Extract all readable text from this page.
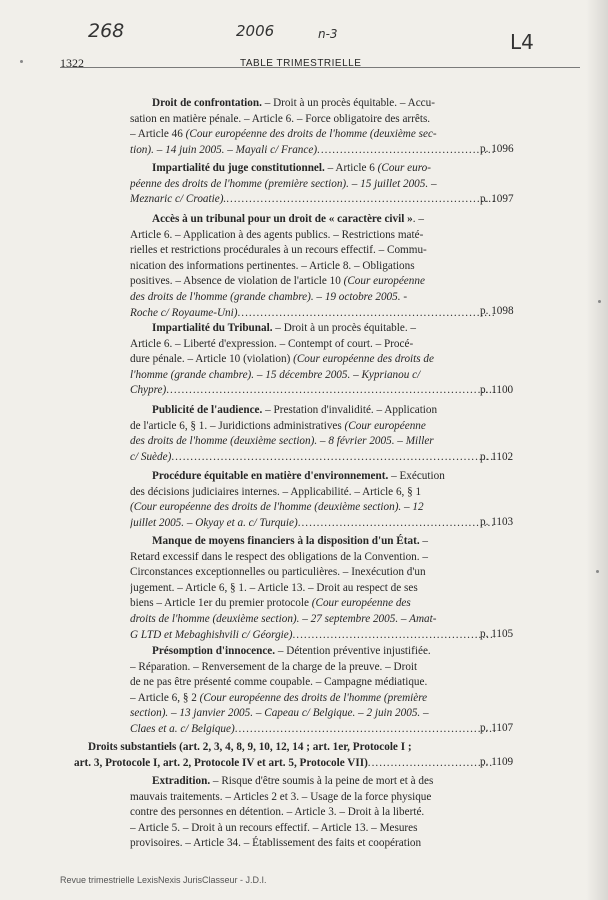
268	2006	n-3	L4
1322	TABLE TRIMESTRIELLE
Droit de confrontation. – Droit à un procès équitable. – Accu-
sation en matière pénale. – Article 6. – Force obligatoire des arrêts.
– Article 46 (Cour européenne des droits de l'homme (deuxième sec-
tion). – 14 juin 2005. – Mayali c/ France) .....	p. 1096
Impartialité du juge constitutionnel. – Article 6 (Cour euro-
péenne des droits de l'homme (première section). – 15 juillet 2005. –
Meznaric c/ Croatie). .....	p. 1097
Accès à un tribunal pour un droit de « caractère civil ». –
Article 6. – Application à des agents publics. – Restrictions maté-
rielles et restrictions procédurales à un recours effectif. – Commu-
nication des informations pertinentes. – Article 8. – Obligations
positives. – Absence de violation de l'article 10 (Cour européenne
des droits de l'homme (grande chambre). – 19 octobre 2005. -
Roche c/ Royaume-Uni) .....	p. 1098
Impartialité du Tribunal. – Droit à un procès équitable. –
Article 6. – Liberté d'expression. – Contempt of court. – Procé-
dure pénale. – Article 10 (violation) (Cour européenne des droits de
l'homme (grande chambre). – 15 décembre 2005. – Kyprianou c/
Chypre) .....	p. 1100
Publicité de l'audience. – Prestation d'invalidité. – Application
de l'article 6, § 1. – Juridictions administratives (Cour européenne
des droits de l'homme (deuxième section). – 8 février 2005. – Miller
c/ Suède) .....	p. 1102
Procédure équitable en matière d'environnement. – Exécution
des décisions judiciaires internes. – Applicabilité. – Article 6, § 1
(Cour européenne des droits de l'homme (deuxième section). – 12
juillet 2005. – Okyay et a. c/ Turquie) .....	p. 1103
Manque de moyens financiers à la disposition d'un État. –
Retard excessif dans le respect des obligations de la Convention. –
Circonstances exceptionnelles ou particulières. – Inexécution d'un
jugement. – Article 6, § 1. – Article 13. – Droit au respect de ses
biens – Article 1er du premier protocole (Cour européenne des
droits de l'homme (deuxième section). – 27 septembre 2005. – Amat-
G LTD et Mebaghishvili c/ Géorgie) .....	p. 1105
Présomption d'innocence. – Détention préventive injustifiée.
– Réparation. – Renversement de la charge de la preuve. – Droit
de ne pas être présenté comme coupable. – Campagne médiatique.
– Article 6, § 2 (Cour européenne des droits de l'homme (première
section). – 13 janvier 2005. – Capeau c/ Belgique. – 2 juin 2005. –
Claes et a. c/ Belgique) .....	p. 1107
Droits substantiels (art. 2, 3, 4, 8, 9, 10, 12, 14 ; art. 1er, Protocole I ;
art. 3, Protocole I, art. 2, Protocole IV et art. 5, Protocole VII) .....	p. 1109
Extradition. – Risque d'être soumis à la peine de mort et à des
mauvais traitements. – Articles 2 et 3. – Usage de la force physique
contre des personnes en détention. – Article 3. – Droit à la liberté.
– Article 5. – Droit à un recours effectif. – Article 13. – Mesures
provisoires. – Article 34. – Établissement des faits et coopération
Revue trimestrielle LexisNexis JurisClasseur - J.D.I.
